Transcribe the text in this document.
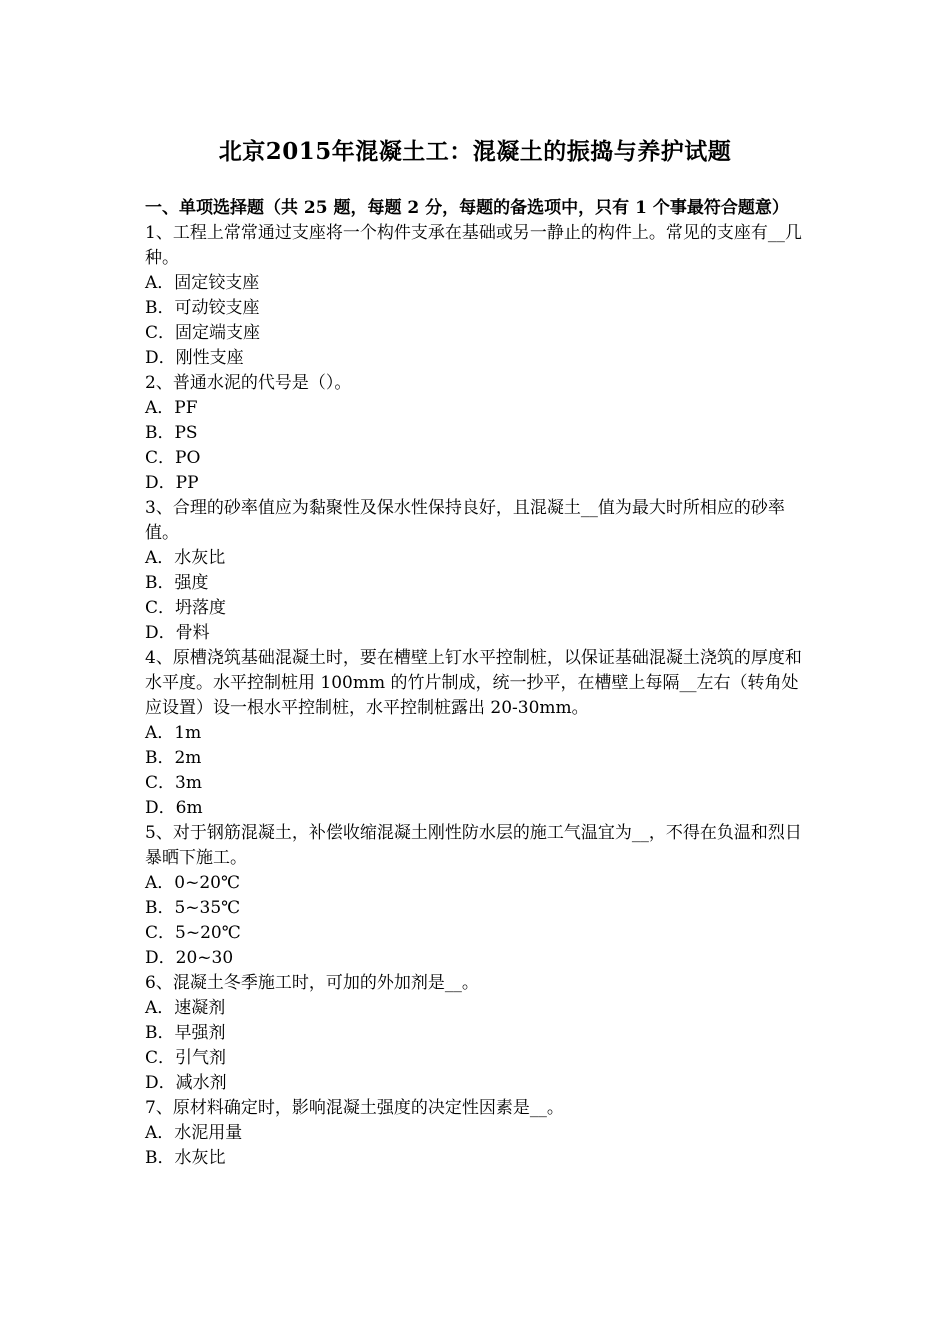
北京2015年混凝土工：混凝土的振捣与养护试题

一、单项选择题（共 25 题，每题 2 分，每题的备选项中，只有 1 个事最符合题意）

1、工程上常常通过支座将一个构件支承在基础或另一静止的构件上。常见的支座有__几种。

A．固定铰支座
B．可动铰支座
C．固定端支座
D．刚性支座

2、普通水泥的代号是（）。

A．PF
B．PS
C．PO
D．PP

3、合理的砂率值应为黏聚性及保水性保持良好，且混凝土__值为最大时所相应的砂率值。

A．水灰比
B．强度
C．坍落度
D．骨料

4、原槽浇筑基础混凝土时，要在槽壁上钉水平控制桩，以保证基础混凝土浇筑的厚度和水平度。水平控制桩用 100mm 的竹片制成，统一抄平，在槽壁上每隔__左右（转角处应设置）设一根水平控制桩，水平控制桩露出 20-30mm。

A．1m
B．2m
C．3m
D．6m

5、对于钢筋混凝土，补偿收缩混凝土刚性防水层的施工气温宜为__，不得在负温和烈日暴晒下施工。

A．0~20℃
B．5~35℃
C．5~20℃
D．20~30

6、混凝土冬季施工时，可加的外加剂是__。

A．速凝剂
B．早强剂
C．引气剂
D．减水剂

7、原材料确定时，影响混凝土强度的决定性因素是__。

A．水泥用量
B．水灰比
